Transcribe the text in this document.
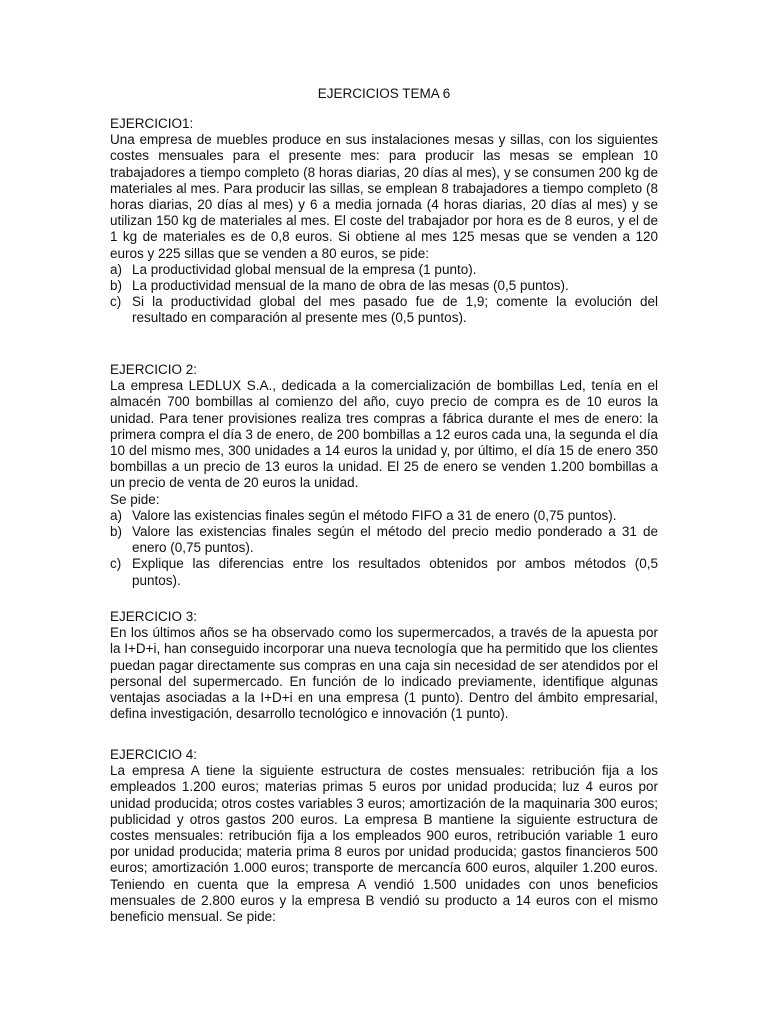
EJERCICIOS TEMA 6

EJERCICIO1:

Una empresa de muebles produce en sus instalaciones mesas y sillas, con los siguientes costes mensuales para el presente mes: para producir las mesas se emplean 10 trabajadores a tiempo completo (8 horas diarias, 20 días al mes), y se consumen 200 kg de materiales al mes. Para producir las sillas, se emplean 8 trabajadores a tiempo completo (8 horas diarias, 20 días al mes) y 6 a media jornada (4 horas diarias, 20 días al mes) y se utilizan 150 kg de materiales al mes. El coste del trabajador por hora es de 8 euros, y el de 1 kg de materiales es de 0,8 euros. Si obtiene al mes 125 mesas que se venden a 120 euros y 225 sillas que se venden a 80 euros, se pide:

a) La productividad global mensual de la empresa (1 punto).
b) La productividad mensual de la mano de obra de las mesas (0,5 puntos).
c) Si la productividad global del mes pasado fue de 1,9; comente la evolución del resultado en comparación al presente mes (0,5 puntos).

EJERCICIO 2:

La empresa LEDLUX S.A., dedicada a la comercialización de bombillas Led, tenía en el almacén 700 bombillas al comienzo del año, cuyo precio de compra es de 10 euros la unidad. Para tener provisiones realiza tres compras a fábrica durante el mes de enero: la primera compra el día 3 de enero, de 200 bombillas a 12 euros cada una, la segunda el día 10 del mismo mes, 300 unidades a 14 euros la unidad y, por último, el día 15 de enero 350 bombillas a un precio de 13 euros la unidad. El 25 de enero se venden 1.200 bombillas a un precio de venta de 20 euros la unidad.

Se pide:

a) Valore las existencias finales según el método FIFO a 31 de enero (0,75 puntos).
b) Valore las existencias finales según el método del precio medio ponderado a 31 de enero (0,75 puntos).
c) Explique las diferencias entre los resultados obtenidos por ambos métodos (0,5 puntos).

EJERCICIO 3:

En los últimos años se ha observado como los supermercados, a través de la apuesta por la I+D+i, han conseguido incorporar una nueva tecnología que ha permitido que los clientes puedan pagar directamente sus compras en una caja sin necesidad de ser atendidos por el personal del supermercado. En función de lo indicado previamente, identifique algunas ventajas asociadas a la I+D+i en una empresa (1 punto). Dentro del ámbito empresarial, defina investigación, desarrollo tecnológico e innovación (1 punto).

EJERCICIO 4:

La empresa A tiene la siguiente estructura de costes mensuales: retribución fija a los empleados 1.200 euros; materias primas 5 euros por unidad producida; luz 4 euros por unidad producida; otros costes variables 3 euros; amortización de la maquinaria 300 euros; publicidad y otros gastos 200 euros. La empresa B mantiene la siguiente estructura de costes mensuales: retribución fija a los empleados 900 euros, retribución variable 1 euro por unidad producida; materia prima 8 euros por unidad producida; gastos financieros 500 euros; amortización 1.000 euros; transporte de mercancía 600 euros, alquiler 1.200 euros. Teniendo en cuenta que la empresa A vendió 1.500 unidades con unos beneficios mensuales de 2.800 euros y la empresa B vendió su producto a 14 euros con el mismo beneficio mensual. Se pide:
